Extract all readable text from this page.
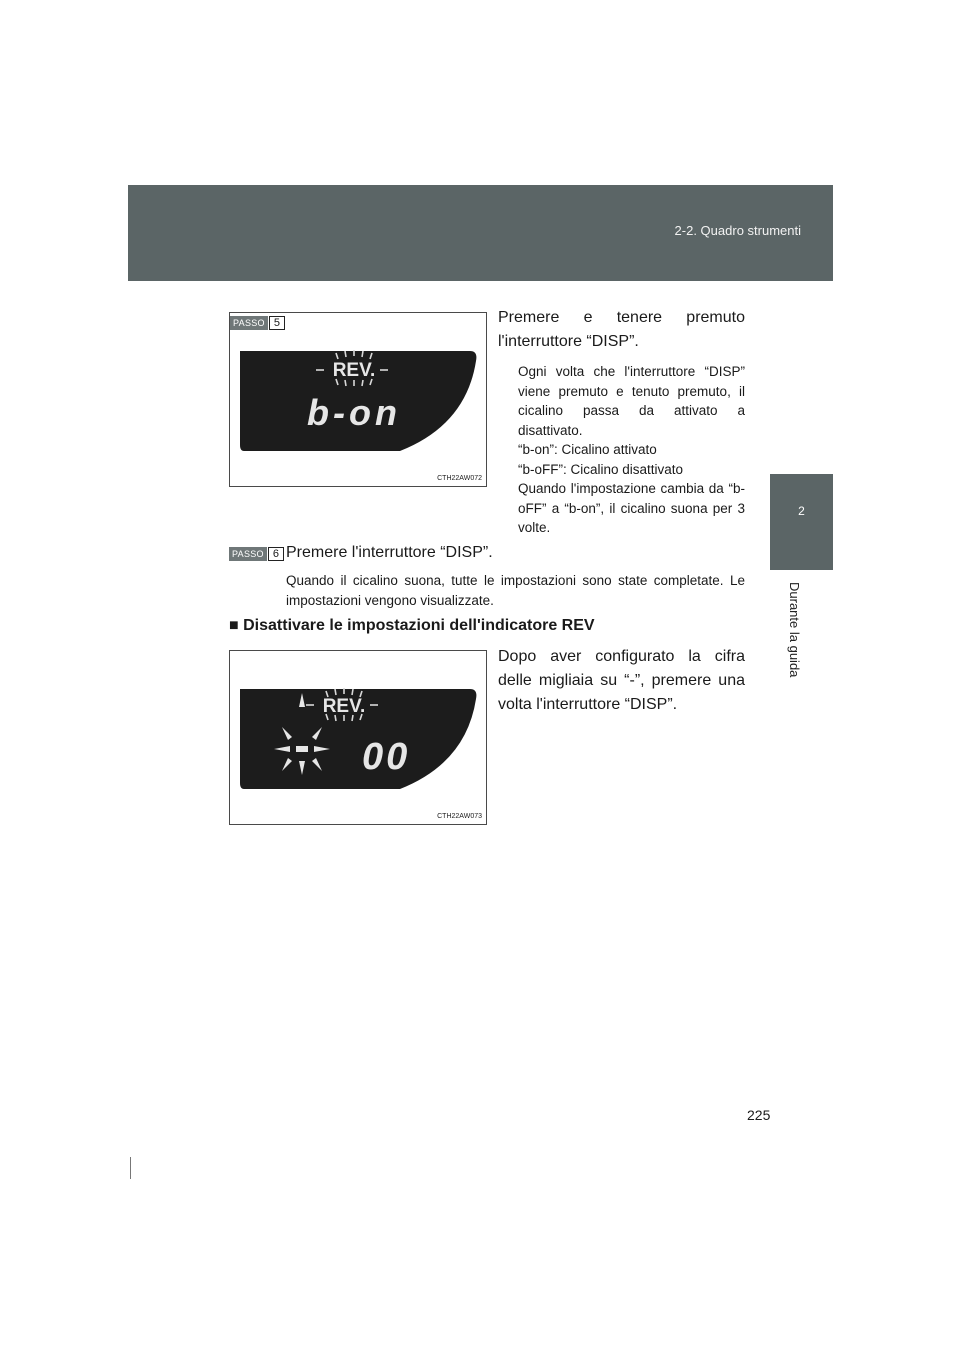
2-2. Quadro strumenti
2
Durante la guida
PASSO 5
REV.
b-on
CTH22AW072
Premere e tenere premuto l'interruttore “DISP”.
Ogni volta che l'interruttore “DISP” viene premuto e tenuto premuto, il cicalino passa da attivato a disattivato.
“b-on”: Cicalino attivato
“b-oFF”: Cicalino disattivato
Quando l'impostazione cambia da “b-oFF” a “b-on”, il cicalino suona per 3 volte.
PASSO 6 Premere l'interruttore “DISP”.
Quando il cicalino suona, tutte le impostazioni sono state completate. Le impostazioni vengono visualizzate.
■ Disattivare le impostazioni dell'indicatore REV
REV.
00
CTH22AW073
Dopo aver configurato la cifra delle migliaia su “-”, premere una volta l'interruttore “DISP”.
225
